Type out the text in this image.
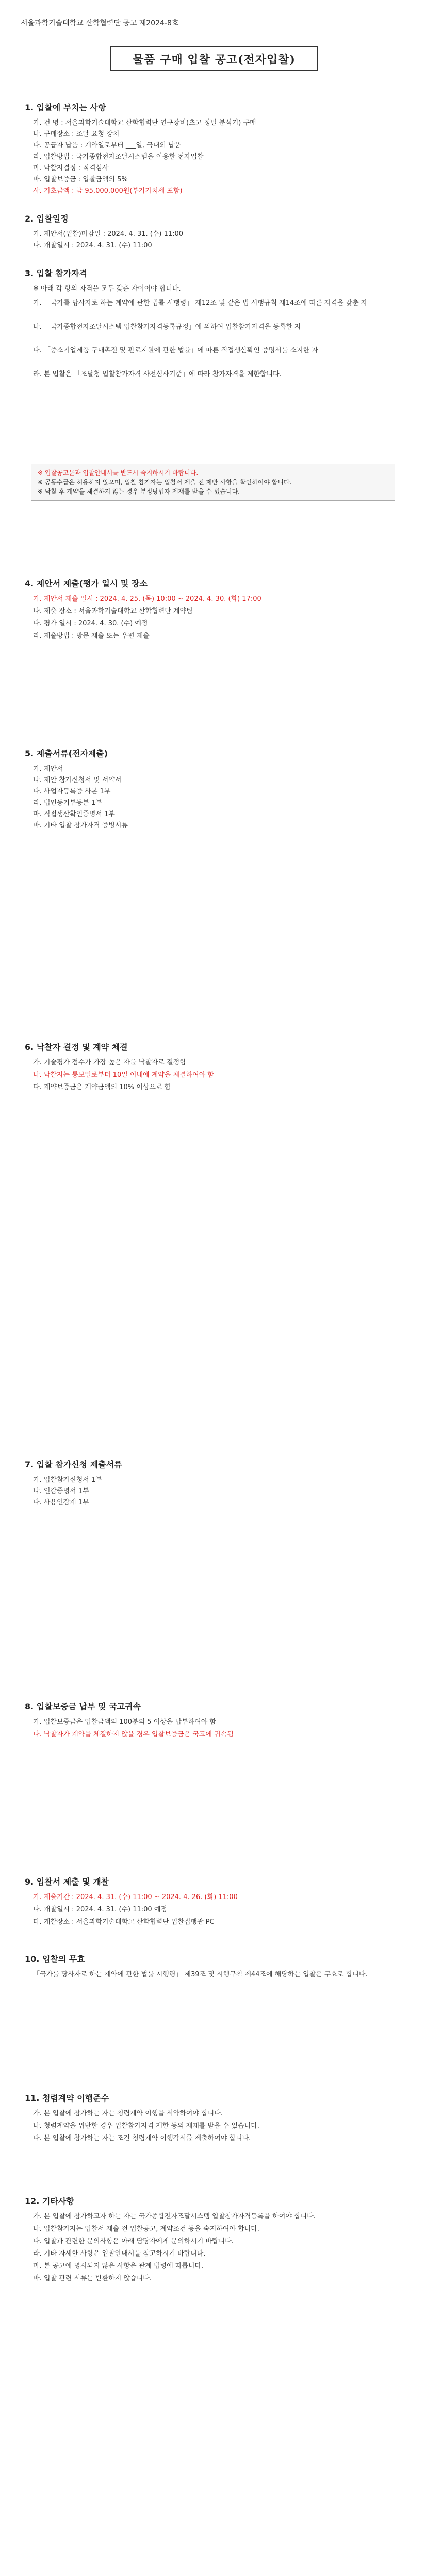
서울과학기술대학교 산학협력단 공고 제2024-8호
물품 구매 입찰 공고(전자입찰)
1. 입찰에 부치는 사항
가. 건 명 : 서울과학기술대학교 산학협력단 연구장비(초고 정밀 분석기) 구매
나. 구매장소 : 조달 요청 장치
다. 공급자 납품 : 계약일로부터 ___일, 국내외 납품
라. 입찰방법 : 국가종합전자조달시스템을 이용한 전자입찰
마. 낙찰자결정 : 적격심사
바. 입찰보증금 : 입찰금액의 5%
사. 기초금액 : 금 95,000,000원(부가가치세 포함)
2. 입찰일정
가. 제안서(입찰)마감일 : 2024. 4. 31. (수) 11:00
나. 개찰일시 : 2024. 4. 31. (수) 11:00
3. 입찰 참가자격
※ 아래 각 항의 자격을 모두 갖춘 자이어야 합니다.
가. 「국가를 당사자로 하는 계약에 관한 법률 시행령」 제12조 및 같은 법 시행규칙 제14조에 따른 자격을 갖춘 자
나. 「국가종합전자조달시스템 입찰참가자격등록규정」에 의하여 입찰참가자격을 등록한 자
다. 「중소기업제품 구매촉진 및 판로지원에 관한 법률」에 따른 직접생산확인 증명서를 소지한 자
라. 본 입찰은 「조달청 입찰참가자격 사전심사기준」에 따라 참가자격을 제한합니다.
※ 입찰공고문과 입찰안내서를 반드시 숙지하시기 바랍니다.
※ 공동수급은 허용하지 않으며, 입찰 참가자는 입찰서 제출 전 제반 사항을 확인하여야 합니다.
※ 낙찰 후 계약을 체결하지 않는 경우 부정당업자 제재를 받을 수 있습니다.
4. 제안서 제출(평가 일시 및 장소
가. 제안서 제출 일시 : 2024. 4. 25. (목) 10:00 ~ 2024. 4. 30. (화) 17:00
나. 제출 장소 : 서울과학기술대학교 산학협력단 계약팀
다. 평가 일시 : 2024. 4. 30. (수) 예정
라. 제출방법 : 방문 제출 또는 우편 제출
5. 제출서류(전자제출)
가. 제안서
나. 제안 참가신청서 및 서약서
다. 사업자등록증 사본 1부
라. 법인등기부등본 1부
마. 직접생산확인증명서 1부
바. 기타 입찰 참가자격 증빙서류
6. 낙찰자 결정 및 계약 체결
가. 기술평가 점수가 가장 높은 자를 낙찰자로 결정함
나. 낙찰자는 통보일로부터 10일 이내에 계약을 체결하여야 함
다. 계약보증금은 계약금액의 10% 이상으로 함
7. 입찰 참가신청 제출서류
가. 입찰참가신청서 1부
나. 인감증명서 1부
다. 사용인감계 1부
8. 입찰보증금 납부 및 국고귀속
가. 입찰보증금은 입찰금액의 100분의 5 이상을 납부하여야 함
나. 낙찰자가 계약을 체결하지 않을 경우 입찰보증금은 국고에 귀속됨
9. 입찰서 제출 및 개찰
가. 제출기간 : 2024. 4. 31. (수) 11:00 ~ 2024. 4. 26. (화) 11:00
나. 개찰일시 : 2024. 4. 31. (수) 11:00 예정
다. 개찰장소 : 서울과학기술대학교 산학협력단 입찰집행관 PC
10. 입찰의 무효
「국가를 당사자로 하는 계약에 관한 법률 시행령」 제39조 및 시행규칙 제44조에 해당하는 입찰은 무효로 합니다.
11. 청렴계약 이행준수
가. 본 입찰에 참가하는 자는 청렴계약 이행을 서약하여야 합니다.
나. 청렴계약을 위반한 경우 입찰참가자격 제한 등의 제재를 받을 수 있습니다.
다. 본 입찰에 참가하는 자는 조건 청렴계약 이행각서를 제출하여야 합니다.
12. 기타사항
가. 본 입찰에 참가하고자 하는 자는 국가종합전자조달시스템 입찰참가자격등록을 하여야 합니다.
나. 입찰참가자는 입찰서 제출 전 입찰공고, 계약조건 등을 숙지하여야 합니다.
다. 입찰과 관련한 문의사항은 아래 담당자에게 문의하시기 바랍니다.
라. 기타 자세한 사항은 입찰안내서를 참고하시기 바랍니다.
마. 본 공고에 명시되지 않은 사항은 관계 법령에 따릅니다.
바. 입찰 관련 서류는 반환하지 않습니다.
